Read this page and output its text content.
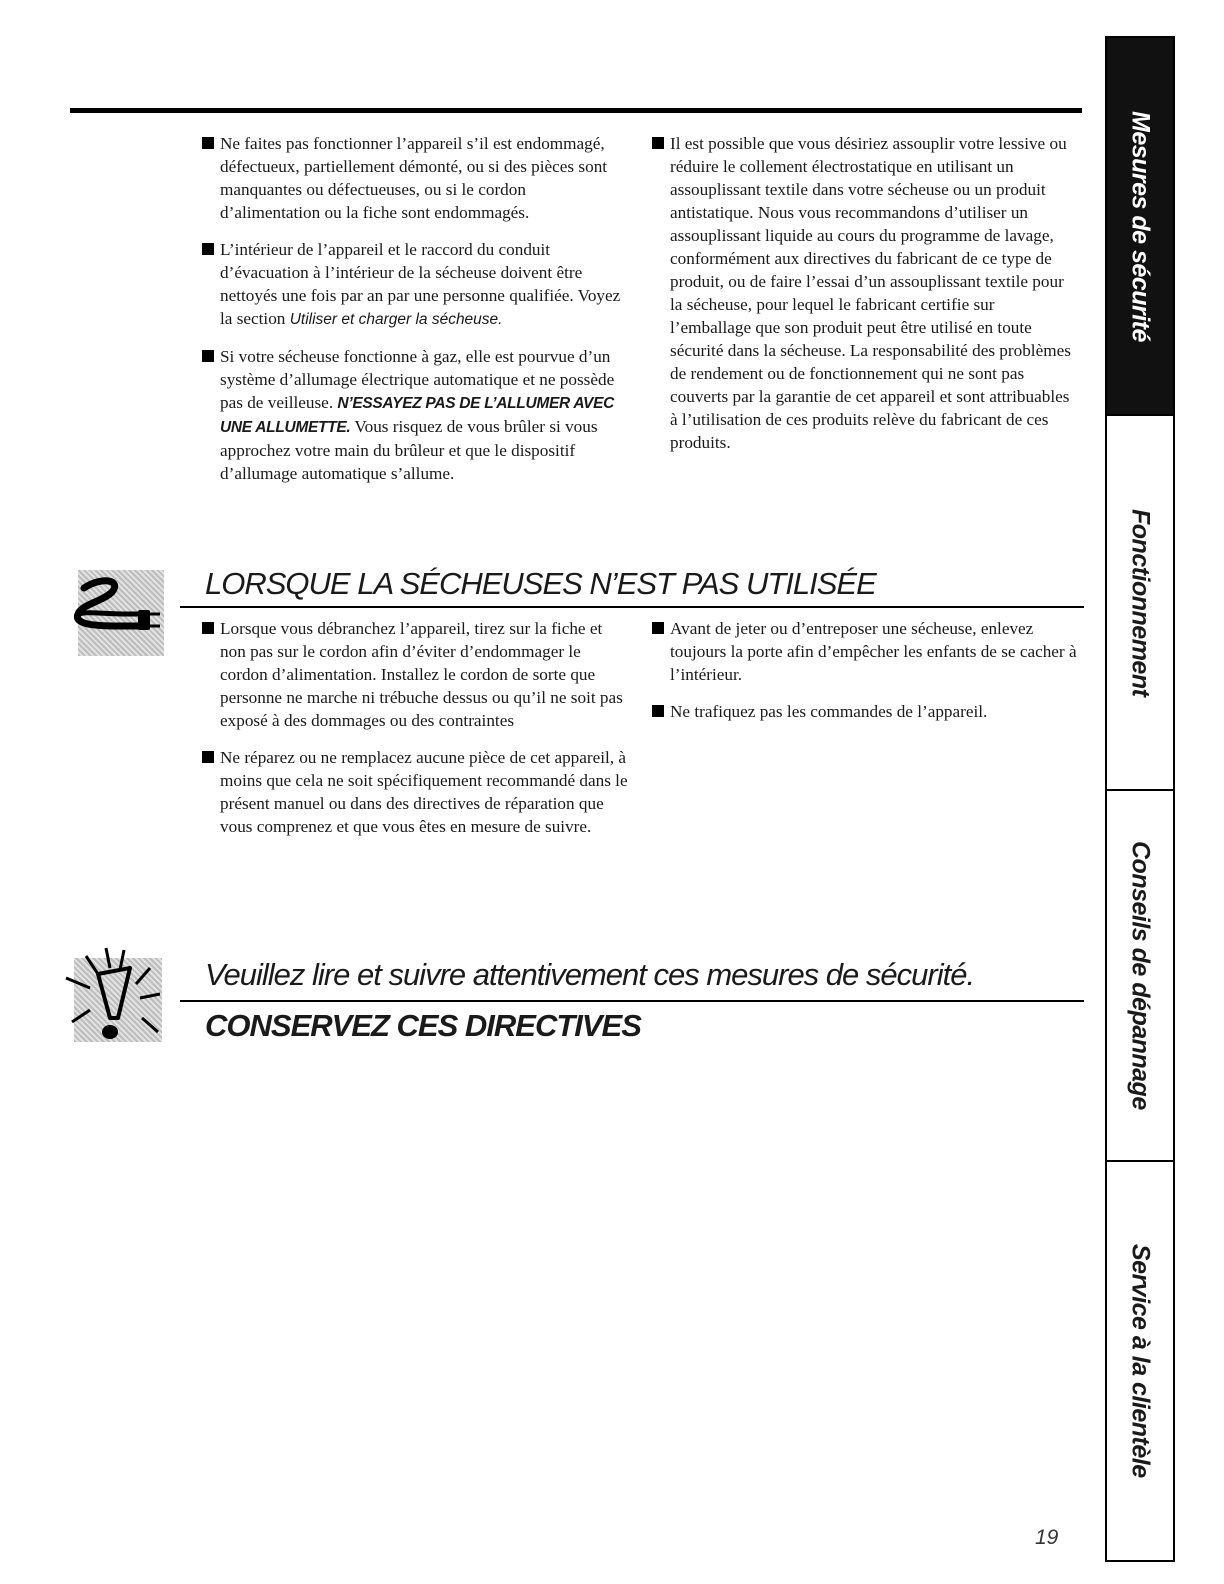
Ne faites pas fonctionner l’appareil s’il est endommagé, défectueux, partiellement démonté, ou si des pièces sont manquantes ou défectueuses, ou si le cordon d’alimentation ou la fiche sont endommagés.

L’intérieur de l’appareil et le raccord du conduit d’évacuation à l’intérieur de la sécheuse doivent être nettoyés une fois par an par une personne qualifiée. Voyez la section Utiliser et charger la sécheuse.

Si votre sécheuse fonctionne à gaz, elle est pourvue d’un système d’allumage électrique automatique et ne possède pas de veilleuse. N’ESSAYEZ PAS DE L’ALLUMER AVEC UNE ALLUMETTE. Vous risquez de vous brûler si vous approchez votre main du brûleur et que le dispositif d’allumage automatique s’allume.

Il est possible que vous désiriez assouplir votre lessive ou réduire le collement électrostatique en utilisant un assouplissant textile dans votre sécheuse ou un produit antistatique. Nous vous recommandons d’utiliser un assouplissant liquide au cours du programme de lavage, conformément aux directives du fabricant de ce type de produit, ou de faire l’essai d’un assouplissant textile pour la sécheuse, pour lequel le fabricant certifie sur l’emballage que son produit peut être utilisé en toute sécurité dans la sécheuse. La responsabilité des problèmes de rendement ou de fonctionnement qui ne sont pas couverts par la garantie de cet appareil et sont attribuables à l’utilisation de ces produits relève du fabricant de ces produits.

LORSQUE LA SÉCHEUSES N’EST PAS UTILISÉE

Lorsque vous débranchez l’appareil, tirez sur la fiche et non pas sur le cordon afin d’éviter d’endommager le cordon d’alimentation. Installez le cordon de sorte que personne ne marche ni trébuche dessus ou qu’il ne soit pas exposé à des dommages ou des contraintes

Ne réparez ou ne remplacez aucune pièce de cet appareil, à moins que cela ne soit spécifiquement recommandé dans le présent manuel ou dans des directives de réparation que vous comprenez et que vous êtes en mesure de suivre.

Avant de jeter ou d’entreposer une sécheuse, enlevez toujours la porte afin d’empêcher les enfants de se cacher à l’intérieur.

Ne trafiquez pas les commandes de l’appareil.

Veuillez lire et suivre attentivement ces mesures de sécurité.
CONSERVEZ CES DIRECTIVES
Mesures de sécurité
Fonctionnement
Conseils de dépannage
Service à la clientèle
19
